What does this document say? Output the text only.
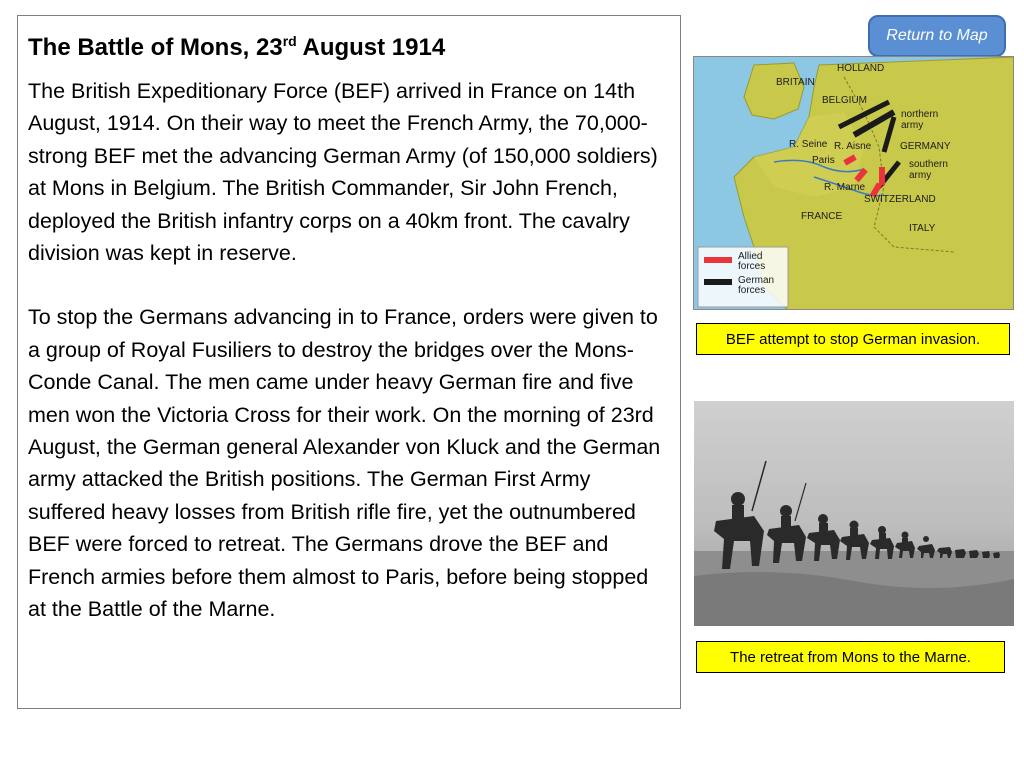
The Battle of Mons, 23rd August 1914

The British Expeditionary Force (BEF) arrived in France on 14th August, 1914. On their way to meet the French Army, the 70,000-strong BEF met the advancing German Army (of 150,000 soldiers) at Mons in Belgium. The British Commander, Sir John French, deployed the British infantry corps on a 40km front. The cavalry division was kept in reserve.

To stop the Germans advancing in to France, orders were given to a group of Royal Fusiliers to destroy the bridges over the Mons-Conde Canal. The men came under heavy German fire and five men won the Victoria Cross for their work. On the morning of 23rd August, the German general Alexander von Kluck and the German army attacked the British positions. The German First Army suffered heavy losses from British rifle fire, yet the outnumbered BEF were forced to retreat. The Germans drove the BEF and French armies before them almost to Paris, before being stopped at the Battle of the Marne.

Return to Map
HOLLAND
BRITAIN
BELGIUM
northern
army
GERMANY
southern
army
SWITZERLAND
FRANCE
ITALY
Paris
R. Seine R. Aisne
R. Marne
Allied
forces
German
forces
BEF attempt to stop German invasion.
The retreat from Mons to the Marne.
